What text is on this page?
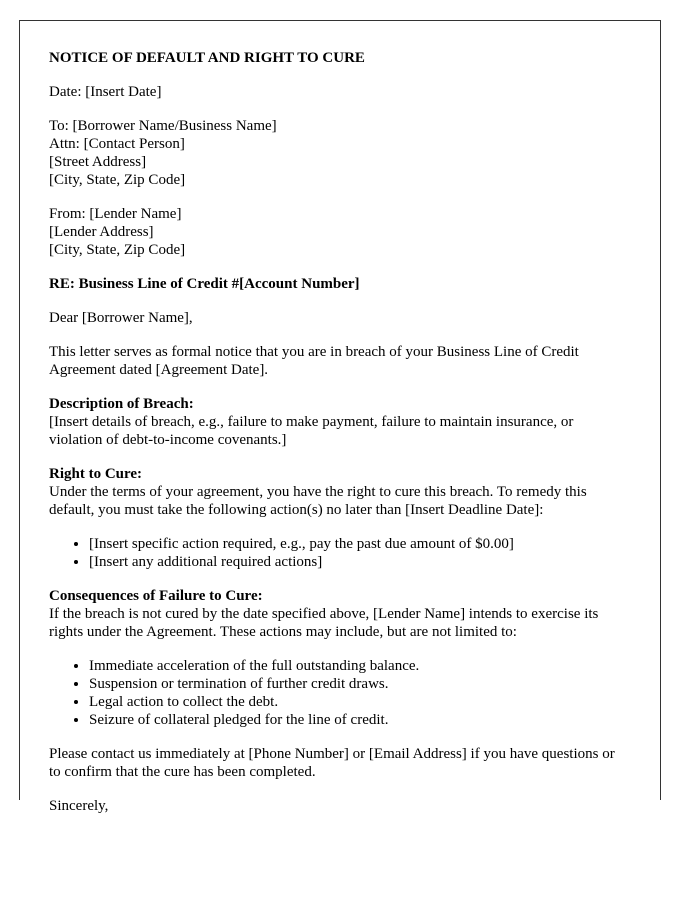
NOTICE OF DEFAULT AND RIGHT TO CURE

Date: [Insert Date]

To: [Borrower Name/Business Name]
Attn: [Contact Person]
[Street Address]
[City, State, Zip Code]
From: [Lender Name]
[Lender Address]
[City, State, Zip Code]
RE: Business Line of Credit #[Account Number]

Dear [Borrower Name],

This letter serves as formal notice that you are in breach of your Business Line of Credit Agreement dated [Agreement Date].

Description of Breach:
[Insert details of breach, e.g., failure to make payment, failure to maintain insurance, or violation of debt-to-income covenants.]

Right to Cure:
Under the terms of your agreement, you have the right to cure this breach. To remedy this default, you must take the following action(s) no later than [Insert Deadline Date]:

• [Insert specific action required, e.g., pay the past due amount of $0.00]
• [Insert any additional required actions]

Consequences of Failure to Cure:
If the breach is not cured by the date specified above, [Lender Name] intends to exercise its rights under the Agreement. These actions may include, but are not limited to:

• Immediate acceleration of the full outstanding balance.
• Suspension or termination of further credit draws.
• Legal action to collect the debt.
• Seizure of collateral pledged for the line of credit.

Please contact us immediately at [Phone Number] or [Email Address] if you have questions or to confirm that the cure has been completed.

Sincerely,
